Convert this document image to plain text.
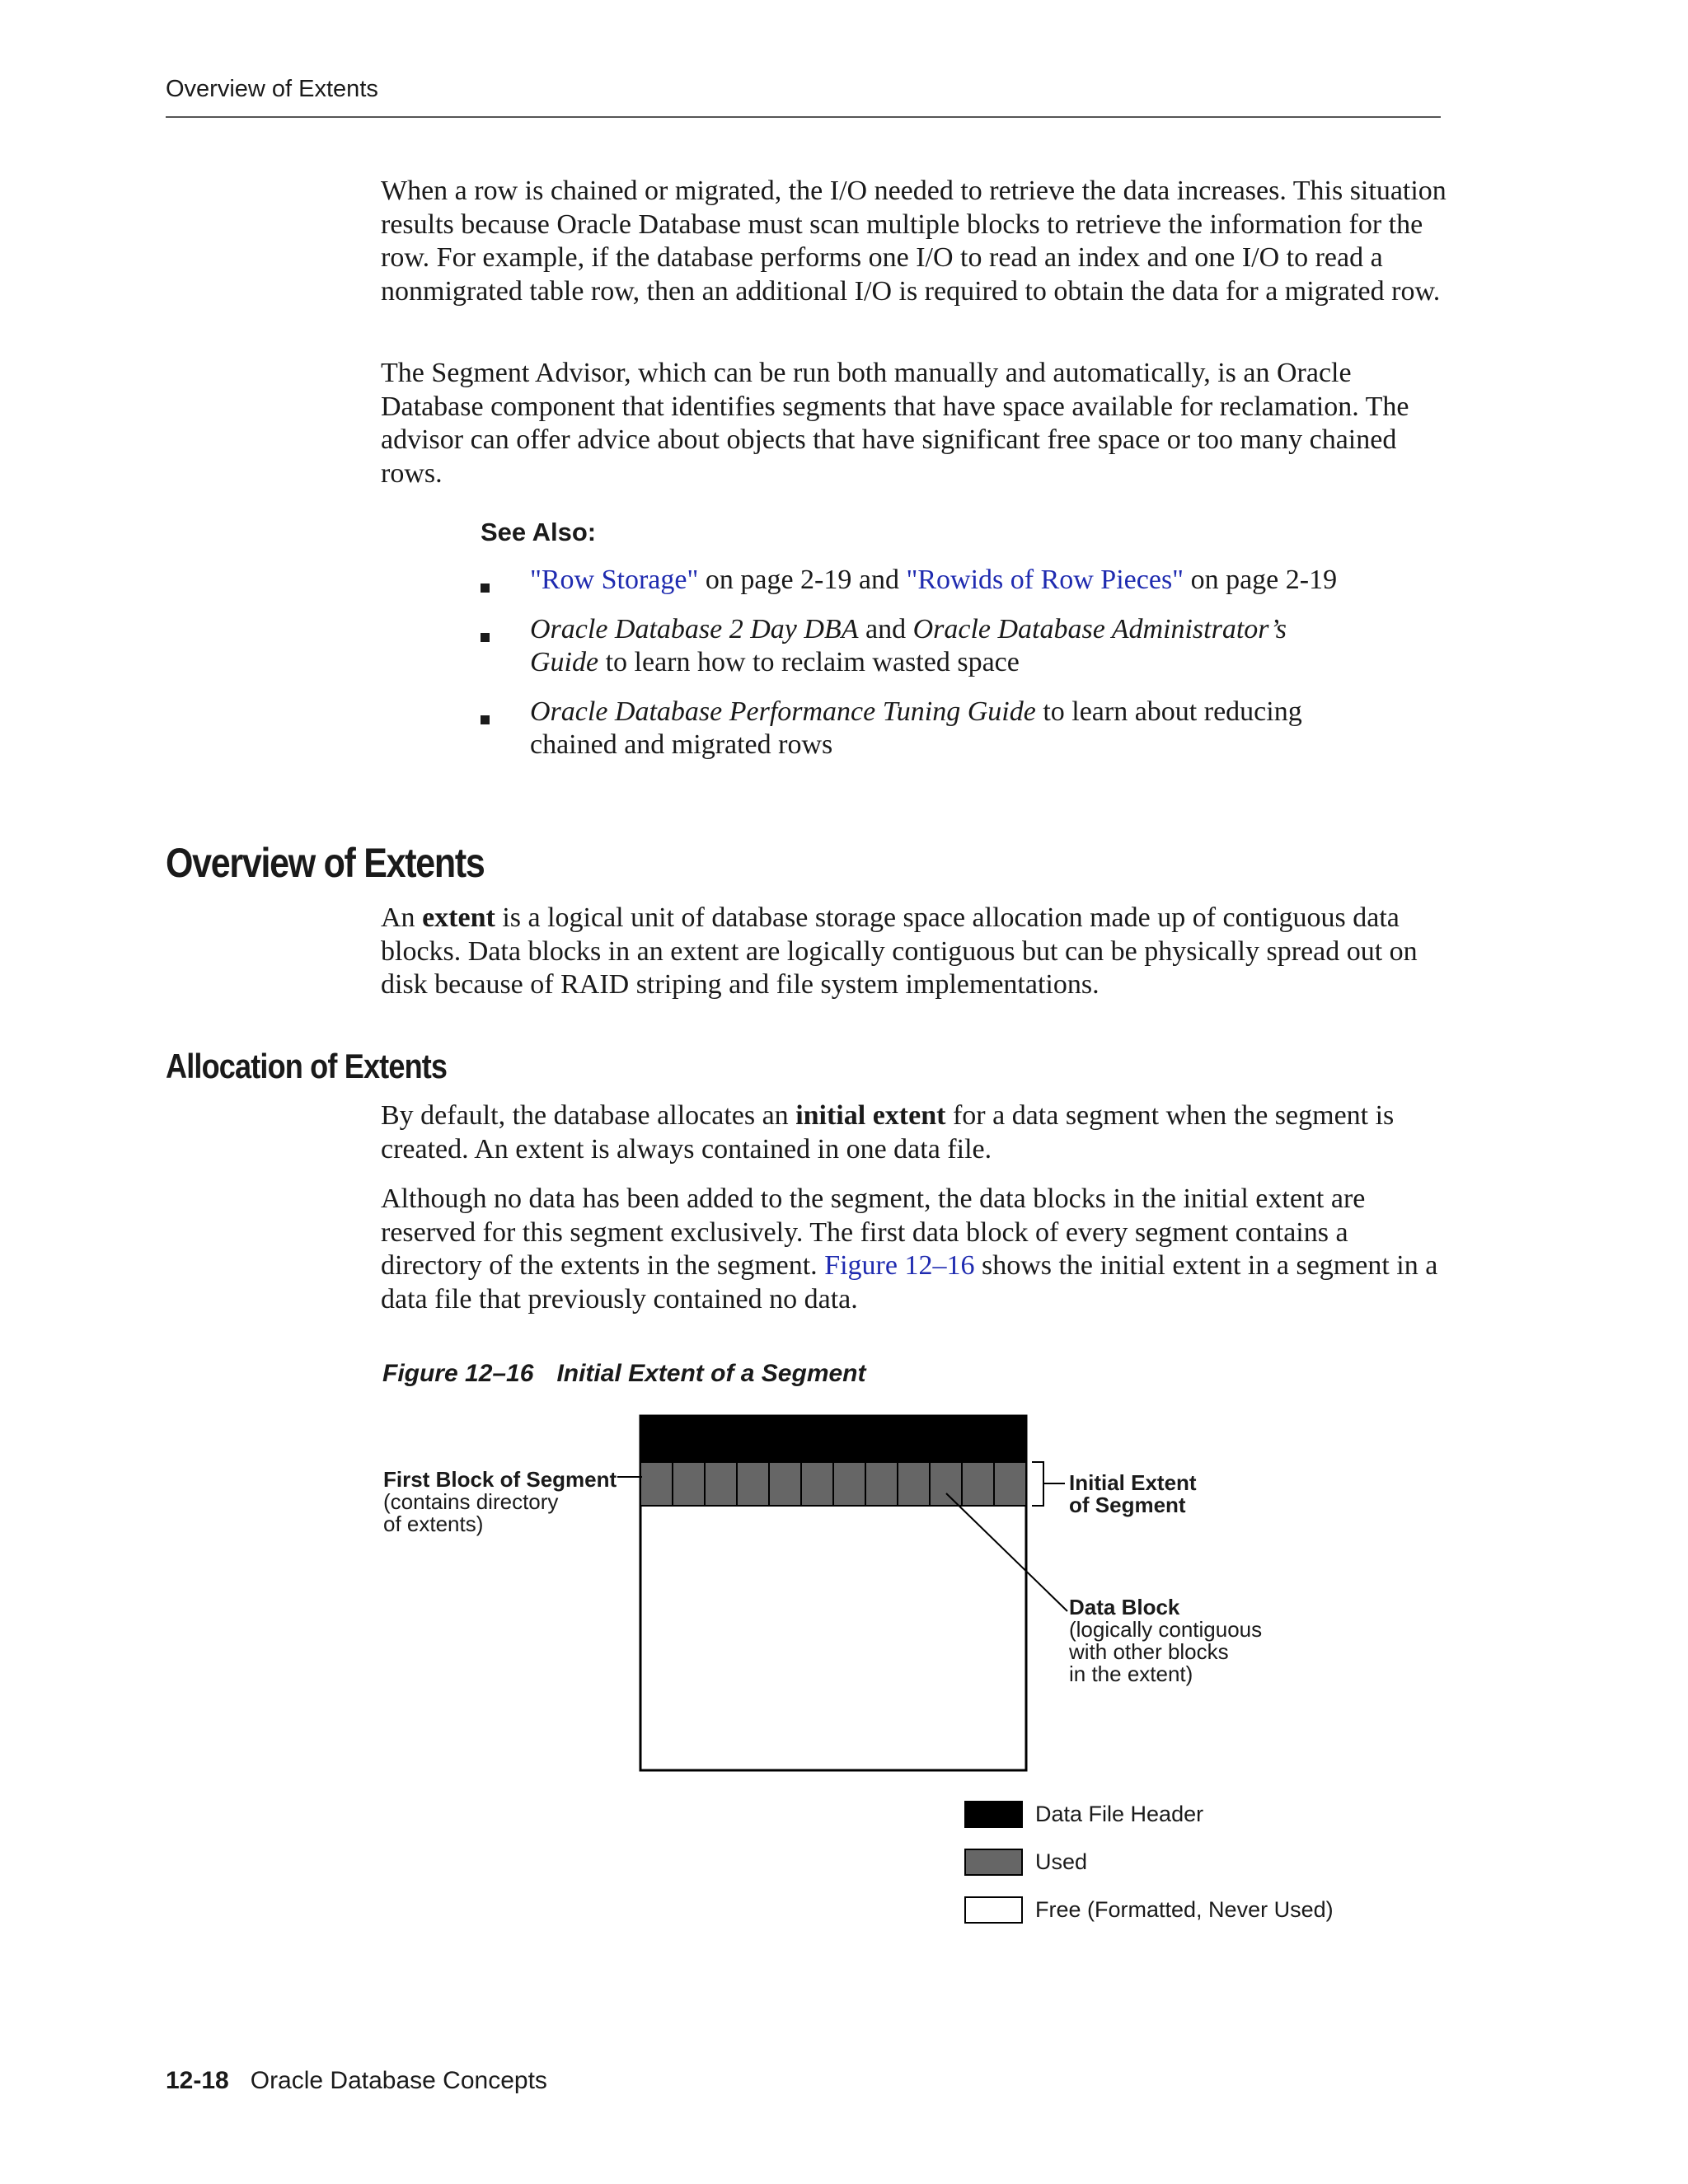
Overview of Extents

When a row is chained or migrated, the I/O needed to retrieve the data increases. This situation results because Oracle Database must scan multiple blocks to retrieve the information for the row. For example, if the database performs one I/O to read an index and one I/O to read a nonmigrated table row, then an additional I/O is required to obtain the data for a migrated row.

The Segment Advisor, which can be run both manually and automatically, is an Oracle Database component that identifies segments that have space available for reclamation. The advisor can offer advice about objects that have significant free space or too many chained rows.

See Also:
"Row Storage" on page 2-19 and "Rowids of Row Pieces" on page 2-19
Oracle Database 2 Day DBA and Oracle Database Administrator’s Guide to learn how to reclaim wasted space
Oracle Database Performance Tuning Guide to learn about reducing chained and migrated rows
Overview of Extents

An extent is a logical unit of database storage space allocation made up of contiguous data blocks. Data blocks in an extent are logically contiguous but can be physically spread out on disk because of RAID striping and file system implementations.

Allocation of Extents

By default, the database allocates an initial extent for a data segment when the segment is created. An extent is always contained in one data file.

Although no data has been added to the segment, the data blocks in the initial extent are reserved for this segment exclusively. The first data block of every segment contains a directory of the extents in the segment. Figure 12–16 shows the initial extent in a segment in a data file that previously contained no data.

Figure 12–16 Initial Extent of a Segment
First Block of Segment
(contains directory
of extents)
Initial Extent
of Segment
Data Block
(logically contiguous
with other blocks
in the extent)
Data File Header
Used
Free (Formatted, Never Used)
12-18 Oracle Database Concepts
